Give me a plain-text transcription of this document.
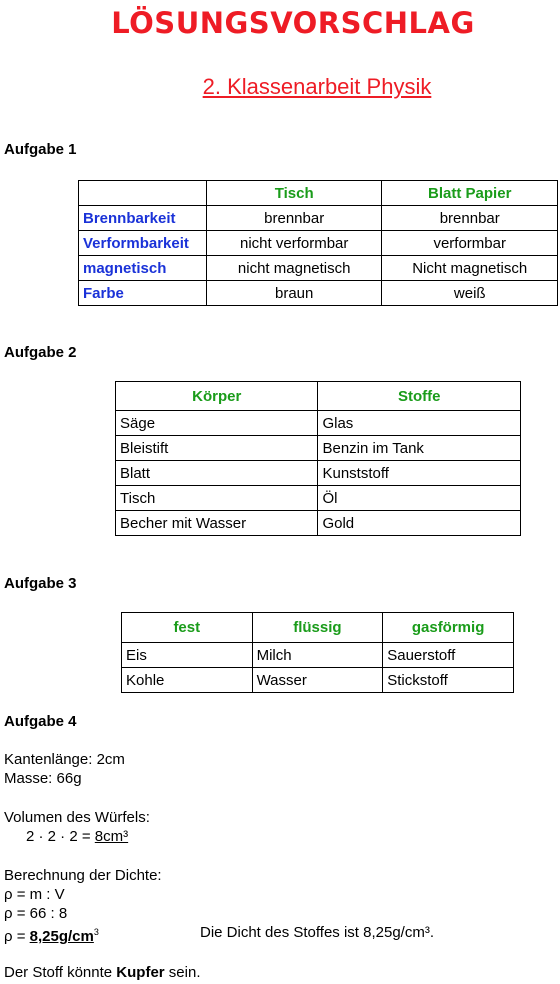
LÖSUNGSVORSCHLAG
2. Klassenarbeit Physik
Aufgabe 1
	Tisch	Blatt Papier
Brennbarkeit	brennbar	brennbar
Verformbarkeit	nicht verformbar	verformbar
magnetisch	nicht magnetisch	Nicht magnetisch
Farbe	braun	weiß
Aufgabe 2
Körper	Stoffe
Säge	Glas
Bleistift	Benzin im Tank
Blatt	Kunststoff
Tisch	Öl
Becher mit Wasser	Gold
Aufgabe 3
fest	flüssig	gasförmig
Eis	Milch	Sauerstoff
Kohle	Wasser	Stickstoff
Aufgabe 4
Kantenlänge: 2cm
Masse: 66g
Volumen des Würfels:
2 · 2 · 2 = 8cm³
Berechnung der Dichte:
ρ = m : V
ρ = 66 : 8
$\rho = 8,25g/cm^3$	Die Dicht des Stoffes ist 8,25g/cm³.
Der Stoff könnte Kupfer sein.
